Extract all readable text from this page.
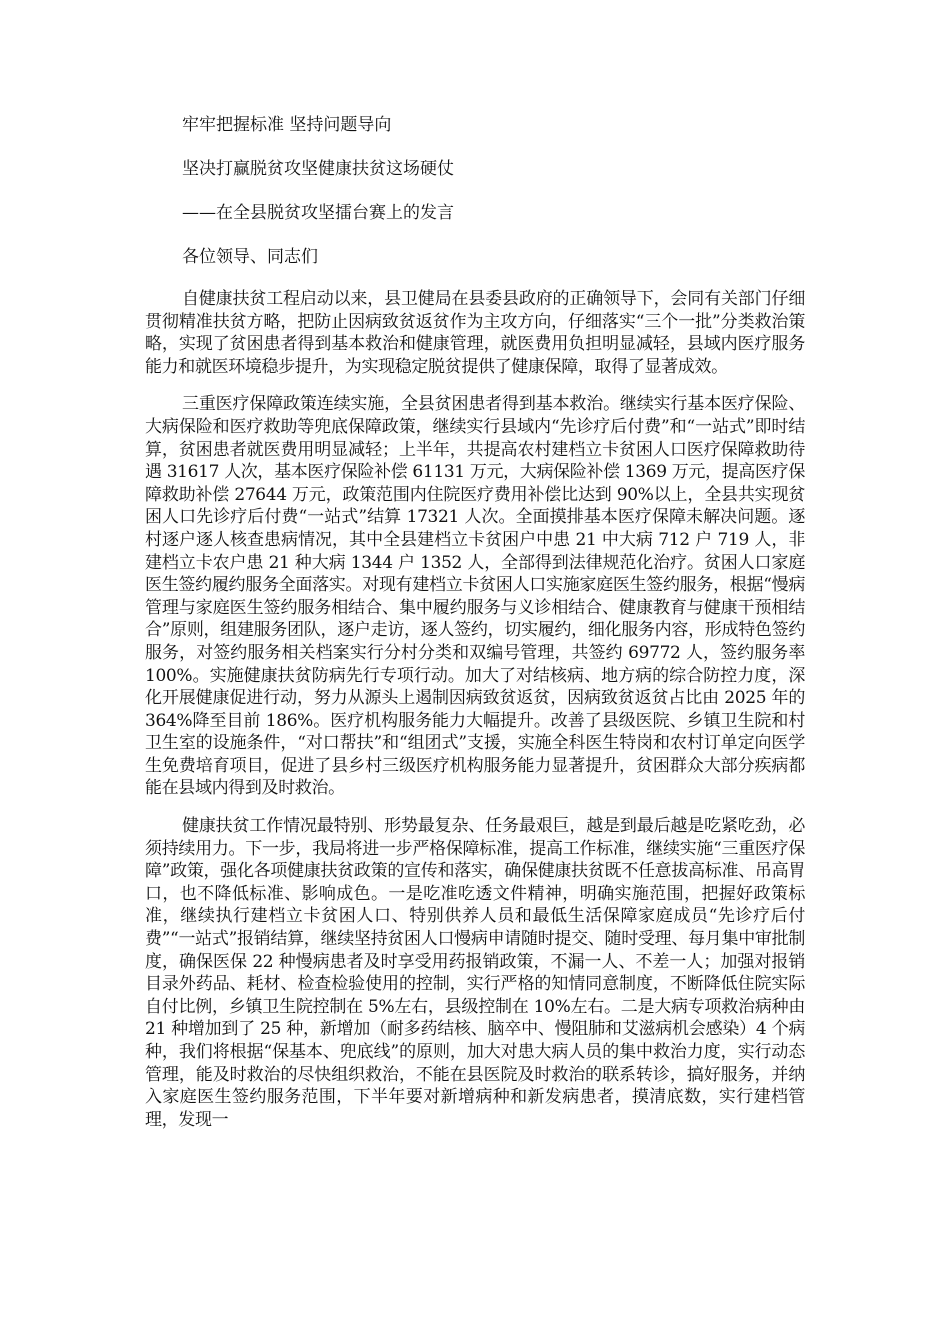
牢牢把握标准 坚持问题导向

坚决打赢脱贫攻坚健康扶贫这场硬仗

——在全县脱贫攻坚擂台赛上的发言

各位领导、同志们

自健康扶贫工程启动以来，县卫健局在县委县政府的正确领导下，会同有关部门仔细贯彻精准扶贫方略，把防止因病致贫返贫作为主攻方向，仔细落实“三个一批”分类救治策略，实现了贫困患者得到基本救治和健康管理，就医费用负担明显减轻，县域内医疗服务能力和就医环境稳步提升，为实现稳定脱贫提供了健康保障，取得了显著成效。

三重医疗保障政策连续实施，全县贫困患者得到基本救治。继续实行基本医疗保险、大病保险和医疗救助等兜底保障政策，继续实行县域内“先诊疗后付费”和“一站式”即时结算，贫困患者就医费用明显减轻；上半年，共提高农村建档立卡贫困人口医疗保障救助待遇 31617 人次，基本医疗保险补偿 61131 万元，大病保险补偿 1369 万元，提高医疗保障救助补偿 27644 万元，政策范围内住院医疗费用补偿比达到 90%以上，全县共实现贫困人口先诊疗后付费“一站式”结算 17321 人次。全面摸排基本医疗保障未解决问题。逐村逐户逐人核查患病情况，其中全县建档立卡贫困户中患 21 中大病 712 户 719 人，非建档立卡农户患 21 种大病 1344 户 1352 人，全部得到法律规范化治疗。贫困人口家庭医生签约履约服务全面落实。对现有建档立卡贫困人口实施家庭医生签约服务，根据“慢病管理与家庭医生签约服务相结合、集中履约服务与义诊相结合、健康教育与健康干预相结合”原则，组建服务团队，逐户走访，逐人签约，切实履约，细化服务内容，形成特色签约服务，对签约服务相关档案实行分村分类和双编号管理，共签约 69772 人，签约服务率 100%。实施健康扶贫防病先行专项行动。加大了对结核病、地方病的综合防控力度，深化开展健康促进行动，努力从源头上遏制因病致贫返贫，因病致贫返贫占比由 2025 年的 364%降至目前 186%。医疗机构服务能力大幅提升。改善了县级医院、乡镇卫生院和村卫生室的设施条件，“对口帮扶”和“组团式”支援，实施全科医生特岗和农村订单定向医学生免费培育项目，促进了县乡村三级医疗机构服务能力显著提升，贫困群众大部分疾病都能在县域内得到及时救治。

健康扶贫工作情况最特别、形势最复杂、任务最艰巨，越是到最后越是吃紧吃劲，必须持续用力。下一步，我局将进一步严格保障标准，提高工作标准，继续实施“三重医疗保障”政策，强化各项健康扶贫政策的宣传和落实，确保健康扶贫既不任意拔高标准、吊高胃口，也不降低标准、影响成色。一是吃准吃透文件精神，明确实施范围，把握好政策标准，继续执行建档立卡贫困人口、特别供养人员和最低生活保障家庭成员“先诊疗后付费”“一站式”报销结算，继续坚持贫困人口慢病申请随时提交、随时受理、每月集中审批制度，确保医保 22 种慢病患者及时享受用药报销政策，不漏一人、不差一人；加强对报销目录外药品、耗材、检查检验使用的控制，实行严格的知情同意制度，不断降低住院实际自付比例，乡镇卫生院控制在 5%左右，县级控制在 10%左右。二是大病专项救治病种由 21 种增加到了 25 种，新增加（耐多药结核、脑卒中、慢阻肺和艾滋病机会感染）4 个病种，我们将根据“保基本、兜底线”的原则，加大对患大病人员的集中救治力度，实行动态管理，能及时救治的尽快组织救治，不能在县医院及时救治的联系转诊，搞好服务，并纳入家庭医生签约服务范围，下半年要对新增病种和新发病患者，摸清底数，实行建档管理，发现一
